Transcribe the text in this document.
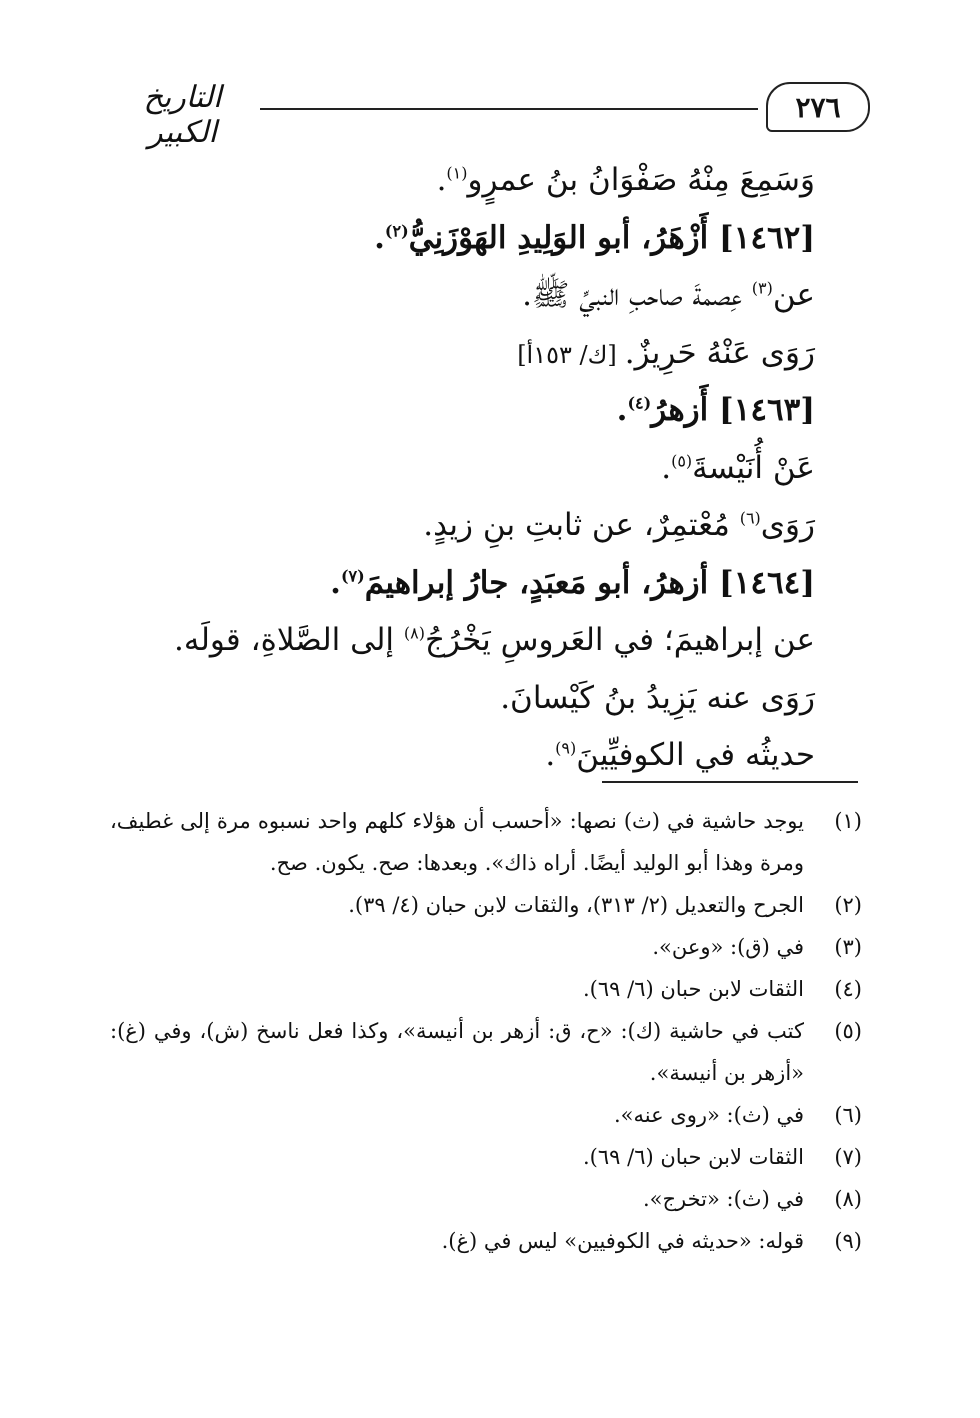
٢٧٦
التاريخ الكبير
وَسَمِعَ مِنْهُ صَفْوَانُ بنُ عمرٍو$^{(١)}$.
[١٤٦٢] أَزْهَرُ، أبو الوَلِيدِ الهَوْزَنِيُّ$^{(٢)}$.
عن$^{(٣)}$ عِصمةَ صاحبِ النبيِّ ﷺ.
رَوَى عَنْهُ حَرِيزٌ.[ك/ ١٥٣أ]
[١٤٦٣] أَزهرُ$^{(٤)}$.
عَنْ أُنَيْسةَ$^{(٥)}$.
رَوَى$^{(٦)}$ مُعْتمِرٌ، عن ثابتِ بنِ زيدٍ.
[١٤٦٤] أزهرُ، أبو مَعبَدٍ، جارُ إبراهيمَ$^{(٧)}$.
عن إبراهيمَ؛ في العَروسِ يَخْرُجُ$^{(٨)}$ إلى الصَّلاةِ، قولَه.
رَوَى عنه يَزِيدُ بنُ كَيْسانَ.
حديثُه في الكوفيِّينَ$^{(٩)}$.
(١)
يوجد حاشية في (ث) نصها: «أحسب أن هؤلاء كلهم واحد نسبوه مرة إلى غطيف، ومرة وهذا أبو الوليد أيضًا. أراه ذاك». وبعدها: صح. يكون. صح.
(٢)
الجرح والتعديل (٢/ ٣١٣)، والثقات لابن حبان (٤/ ٣٩).
(٣)
في (ق): «وعن».
(٤)
الثقات لابن حبان (٦/ ٦٩).
(٥)
كتب في حاشية (ك): «ح، ق: أزهر بن أنيسة»، وكذا فعل ناسخ (ش)، وفي (غ): «أزهر بن أنيسة».
(٦)
في (ث): «روى عنه».
(٧)
الثقات لابن حبان (٦/ ٦٩).
(٨)
في (ث): «تخرج».
(٩)
قوله: «حديثه في الكوفيين» ليس في (غ).
